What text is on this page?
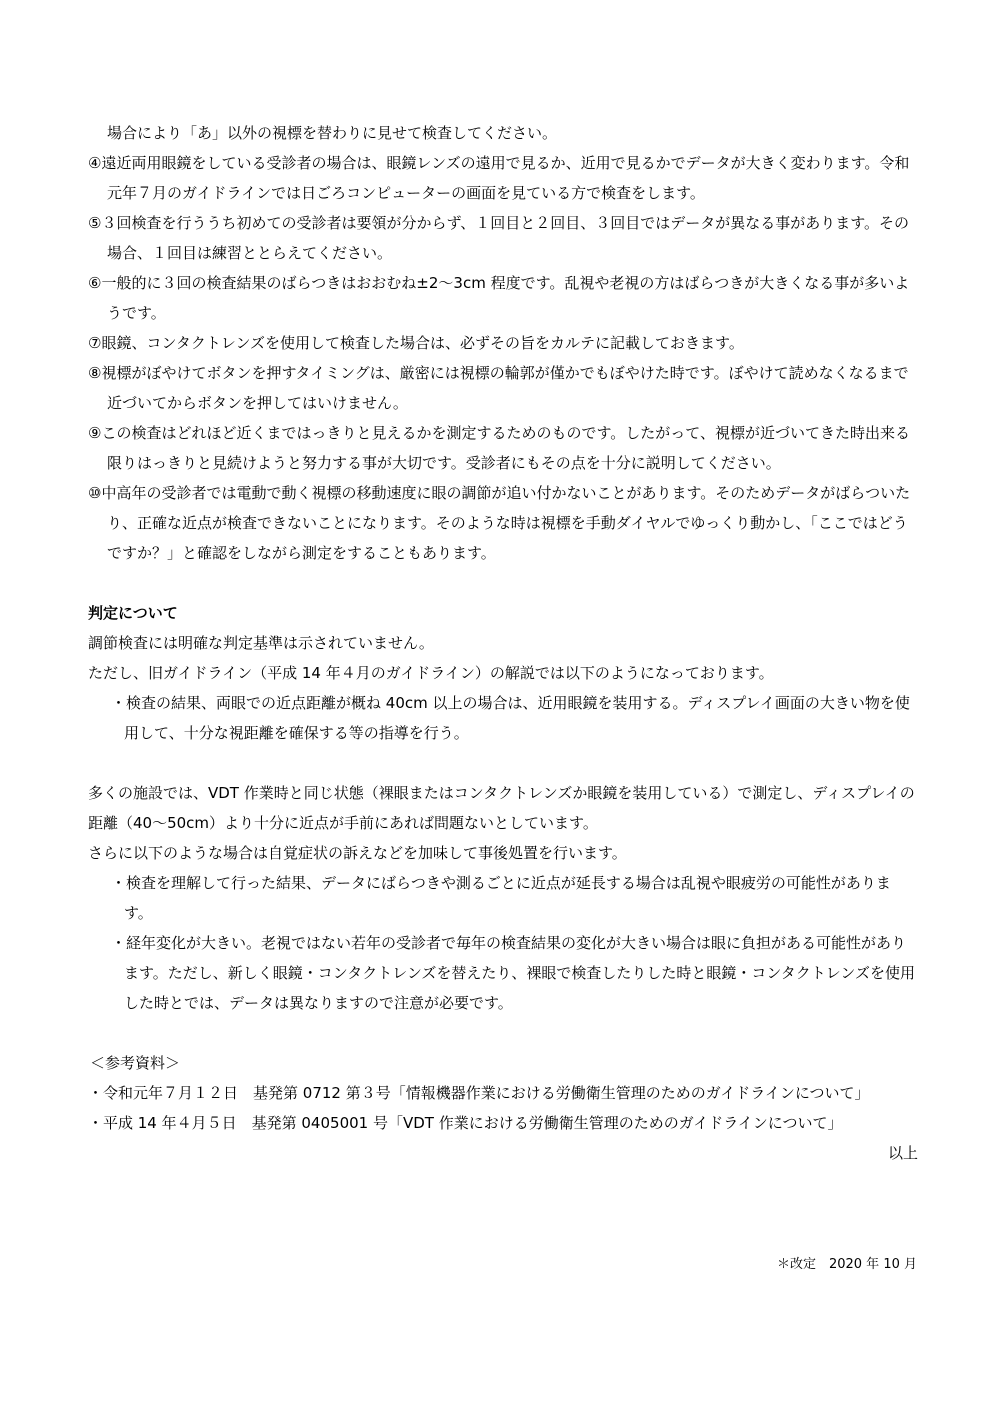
場合により「あ」以外の視標を替わりに見せて検査してください。

④遠近両用眼鏡をしている受診者の場合は、眼鏡レンズの遠用で見るか、近用で見るかでデータが大きく変わります。令和元年７月のガイドラインでは日ごろコンピューターの画面を見ている方で検査をします。

⑤３回検査を行ううち初めての受診者は要領が分からず、１回目と２回目、３回目ではデータが異なる事があります。その場合、１回目は練習ととらえてください。

⑥一般的に３回の検査結果のばらつきはおおむね±2～3cm 程度です。乱視や老視の方はばらつきが大きくなる事が多いようです。

⑦眼鏡、コンタクトレンズを使用して検査した場合は、必ずその旨をカルテに記載しておきます。

⑧視標がぼやけてボタンを押すタイミングは、厳密には視標の輪郭が僅かでもぼやけた時です。ぼやけて読めなくなるまで近づいてからボタンを押してはいけません。

⑨この検査はどれほど近くまではっきりと見えるかを測定するためのものです。したがって、視標が近づいてきた時出来る限りはっきりと見続けようと努力する事が大切です。受診者にもその点を十分に説明してください。

⑩中高年の受診者では電動で動く視標の移動速度に眼の調節が追い付かないことがあります。そのためデータがばらついたり、正確な近点が検査できないことになります。そのような時は視標を手動ダイヤルでゆっくり動かし、「ここではどうですか？」と確認をしながら測定をすることもあります。

判定について

調節検査には明確な判定基準は示されていません。

ただし、旧ガイドライン（平成 14 年４月のガイドライン）の解説では以下のようになっております。

・検査の結果、両眼での近点距離が概ね 40cm 以上の場合は、近用眼鏡を装用する。ディスプレイ画面の大きい物を使用して、十分な視距離を確保する等の指導を行う。

多くの施設では、VDT 作業時と同じ状態（裸眼またはコンタクトレンズか眼鏡を装用している）で測定し、ディスプレイの距離（40～50cm）より十分に近点が手前にあれば問題ないとしています。

さらに以下のような場合は自覚症状の訴えなどを加味して事後処置を行います。

・検査を理解して行った結果、データにばらつきや測るごとに近点が延長する場合は乱視や眼疲労の可能性があります。

・経年変化が大きい。老視ではない若年の受診者で毎年の検査結果の変化が大きい場合は眼に負担がある可能性があります。ただし、新しく眼鏡・コンタクトレンズを替えたり、裸眼で検査したりした時と眼鏡・コンタクトレンズを使用した時とでは、データは異なりますので注意が必要です。

＜参考資料＞

・令和元年７月１２日　基発第 0712 第３号「情報機器作業における労働衛生管理のためのガイドラインについて」

・平成 14 年４月５日　基発第 0405001 号「VDT 作業における労働衛生管理のためのガイドラインについて」

以上

＊改定　2020 年 10 月
